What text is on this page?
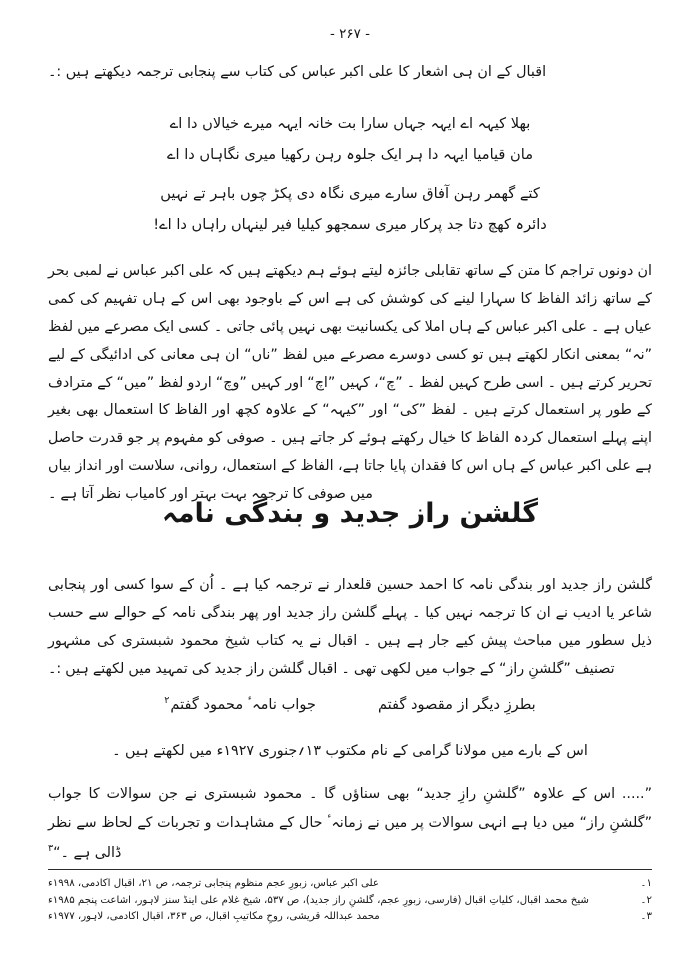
- ۲۶۷ -
اقبال کے ان ہی اشعار کا علی اکبر عباس کی کتاب سے پنجابی ترجمہ دیکھتے ہیں :۔
بھلا کیہہ اے ایہہ جہاں سارا بت خانہ ایہہ میرے خیالاں دا اے
مان قیامیا ایہہ دا ہر ایک جلوہ رہن رکھیا میری نگاہاں دا اے
کتے گھمر رہن آفاق سارے میری نگاہ دی پکڑ چوں باہر تے نہیں
دائرہ کھچ دتا جد پرکار میری سمجھو کیلیا فیر لینہاں راہاں دا اے!
ان دونوں تراجم کا متن کے ساتھ تقابلی جائزہ لیتے ہوئے ہم دیکھتے ہیں کہ علی اکبر عباس نے لمبی بحر کے ساتھ زائد الفاظ کا سہارا لینے کی کوشش کی ہے اس کے باوجود بھی اس کے ہاں تفہیم کی کمی عیاں ہے ۔ علی اکبر عباس کے ہاں املا کی یکسانیت بھی نہیں پائی جاتی ۔ کسی ایک مصرعے میں لفظ ”نہ“ بمعنی انکار لکھتے ہیں تو کسی دوسرے مصرعے میں لفظ ”ناں“ ان ہی معانی کی ادائیگی کے لیے تحریر کرتے ہیں ۔ اسی طرح کہیں لفظ ۔ ”چ“، کہیں ”اچ“ اور کہیں ”وچ“ اردو لفظ ”میں“ کے مترادف کے طور پر استعمال کرتے ہیں ۔ لفظ ”کی“ اور ”کیہہ“ کے علاوہ کچھ اور الفاظ کا استعمال بھی بغیر اپنے پہلے استعمال کردہ الفاظ کا خیال رکھتے ہوئے کر جاتے ہیں ۔ صوفی کو مفہوم پر جو قدرت حاصل ہے علی اکبر عباس کے ہاں اس کا فقدان پایا جاتا ہے، الفاظ کے استعمال، روانی، سلاست اور انداز بیاں میں صوفی کا ترجمہ بہت بہتر اور کامیاب نظر آتا ہے ۔
گلشن راز جدید و بندگی نامہ
گلشن راز جدید اور بندگی نامہ کا احمد حسین قلعدار نے ترجمہ کیا ہے ۔ اُن کے سوا کسی اور پنجابی شاعر یا ادیب نے ان کا ترجمہ نہیں کیا ۔ پہلے گلشن راز جدید اور پھر بندگی نامہ کے حوالے سے حسب ذیل سطور میں مباحث پیش کیے جار ہے ہیں ۔ اقبال نے یہ کتاب شیخ محمود شبستری کی مشہور تصنیف ”گلشنِ راز“ کے جواب میں لکھی تھی ۔ اقبال گلشن راز جدید کی تمہید میں لکھتے ہیں :۔
بطرزِ دیگر از مقصود گفتم
جواب نامہٴ محمود گفتم$^۲$
اس کے بارے میں مولانا گرامی کے نام مکتوب ۱۳؍جنوری ۱۹۲۷ء میں لکھتے ہیں ۔
”..... اس کے علاوہ ”گلشنِ رازِ جدید“ بھی سناؤں گا ۔ محمود شبستری نے جن سوالات کا جواب ”گلشنِ راز“ میں دیا ہے انہی سوالات پر میں نے زمانہٴ حال کے مشاہدات و تجربات کے لحاظ سے نظر ڈالی ہے ۔“$^۳$
۱۔
علی اکبر عباس، زبورِ عجم منظوم پنجابی ترجمہ، ص ۲۱، اقبال اکادمی، ۱۹۹۸ء
۲۔
شیخ محمد اقبال، کلیاتِ اقبال (فارسی، زبورِ عجم، گلشنِ راز جدید)، ص ۵۳۷، شیخ غلام علی اینڈ سنز لاہور، اشاعت پنجم ۱۹۸۵ء
۳۔
محمد عبداللہ قریشی، روحِ مکاتیبِ اقبال، ص ۳۶۳، اقبال اکادمی، لاہور، ۱۹۷۷ء
